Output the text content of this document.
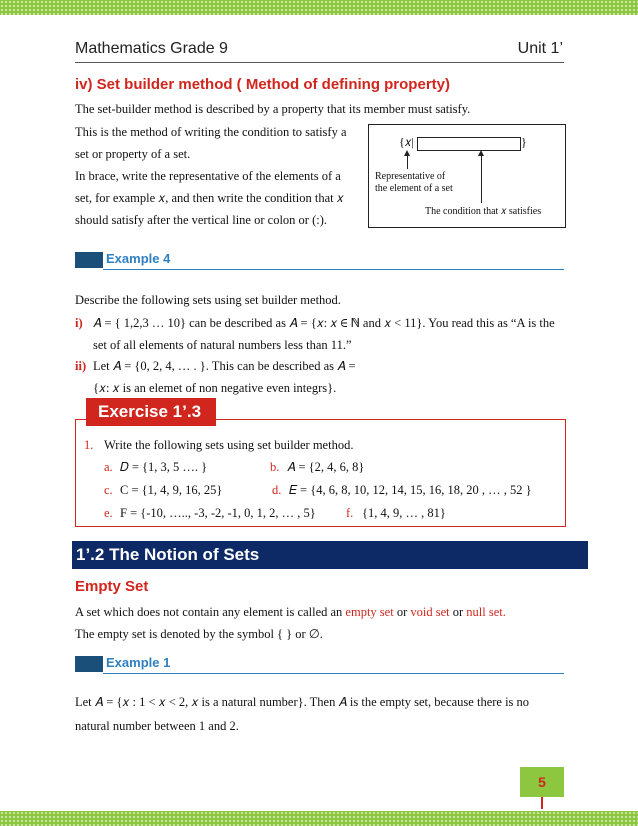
Mathematics Grade 9	Unit 1’
iv) Set builder method ( Method of defining property)
The set-builder method is described by a property that its member must satisfy.
This is the method of writing the condition to satisfy a
set or property of a set.
In brace, write the representative of the elements of a
set, for example 𝑥, and then write the condition that 𝑥
should satisfy after the vertical line or colon or (:).
{𝑥|	}
Representative of
the element of a set
The condition that 𝑥 satisfies
Example 4
Describe the following sets using set builder method.
i) 𝐴 = { 1,2,3 … 10} can be described as 𝐴 = {𝑥: 𝑥 ∈ ℕ and 𝑥 < 11}. You read this as “A is the
set of all elements of natural numbers less than 11.”
ii) Let 𝐴 = {0, 2, 4, … . }. This can be described as 𝐴 =
{𝑥: 𝑥 is an elemet of non negative even integrs}.
Exercise 1’.3
1. Write the following sets using set builder method.
a. 𝐷 = {1, 3, 5 …. }	b. 𝐴 = {2, 4, 6, 8}
c. C = {1, 4, 9, 16, 25}	d. 𝐸 = {4, 6, 8, 10, 12, 14, 15, 16, 18, 20 , … , 52 }
e. F = {-10, ….., -3, -2, -1, 0, 1, 2, … , 5} f. {1, 4, 9, … , 81}
1’.2 The Notion of Sets
Empty Set
A set which does not contain any element is called an empty set or void set or null set.
The empty set is denoted by the symbol { } or ∅.
Example 1
Let 𝐴 = {𝑥 : 1 < 𝑥 < 2, 𝑥 is a natural number}. Then 𝐴 is the empty set, because there is no
natural number between 1 and 2.
5
